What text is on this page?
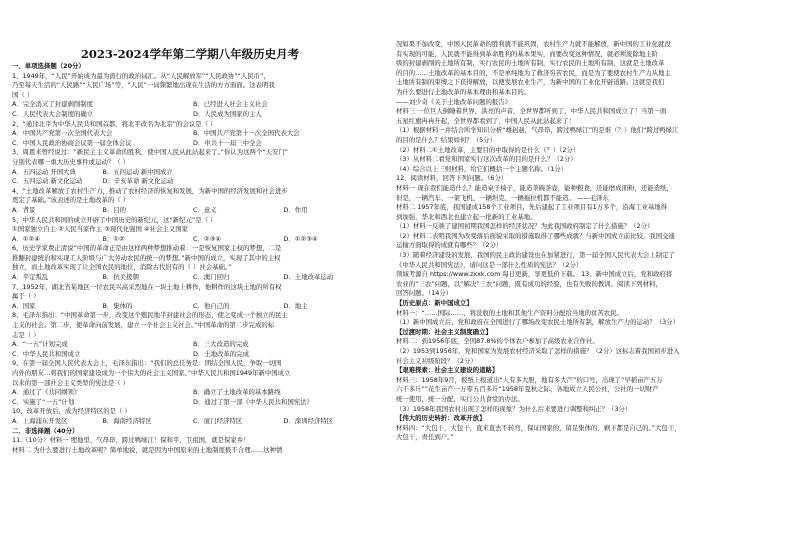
2023-2024学年第二学期八年级历史月考
一、单项选择题（20分）
1、1949年，“人民”开始成为最为流行的政治词汇。从“人民解放军”“人民政协”“人民币”，
乃至每天生活的“人民路”“人民广场”等，“人民”一词频繁地出现在生活的方方面面。这表明我
国（ ）
A．完全消灭了封建剥削制度	B．已经进入社会主义社会
C．人民代表大会制度的确立	D．人民成为国家的主人
2、“通过北平为中华人民共和国首都，将北平改名为北京”的会议是（ ）
A．中国共产党第一次全国代表大会	B．中国共产党第十一次全国代表大会
C．中国人民政治协商会议第一届全体会议	D．中共十一届三中全会
3、周恩来曾经说过：“新民主主义革命的胜利，使中国人民从此站起来了。”你认为这两个“天安门”
分别代表哪一重大历史事件或运动？（ ）
A．五四运动 开国大典	B．五四运动 新中国成立
C．五四运动 新文化运动	D．辛亥革命 新文化运动
4、“土地改革解放了农村生产力，推动了农村经济的恢复和发展，为新中国的经济发展和社会进步
奠定了基础。”该表述的是土地改革的（ ）
A．背景	B．目的	C．意义	D．作用
5、中华人民共和国的成立开辟了中国历史的新纪元，这“新纪元”是（ ）
①国家独立自主 ②人民当家作主 ③现代化强国 ④社会主义国家
A．①②④	B．①②	C．②③④	D．①②③④
6、历史学家费正清说“中国的革命正是由这样两种梦想推动着：一是恢复国家主权的梦想，二是
推翻封建统治和实现工人阶级与广大劳动农民的统一的梦想。”新中国的成立，实现了其中的主权
独立，而土地改革实现了让全国农民的地位，消除古代旧有的（ ）社会基础。”
A．平定叛乱	B．抗美援朝	C．澳门回归	D．土地改革运动
7、1952年，湖北省某地区一位农民兴高采烈地在一块土地上耕作，他耕作的这块土地的所有权
属于（ ）
A．国家	B．集体的	C．他自己的	D．地主
8、毛泽东指出：“中国革命第一步，改变这个殖民地半封建社会的形态，使之变成一个独立的民主
主义的社会。第二步，使革命向前发展，建立一个社会主义社会。”中国革命的第二步完成的标
志是（ ）
A．“一五”计划完成	B．三大改造的完成
C．中华人民共和国成立	D．土地改革的完成
9、在第一届全国人民代表大会上，毛泽东指出：“我们的总任务是：团结全国人民，争取一切国
内外的朋友…将我们的国家建设成为一个伟大的社会主义国家。”中华人民共和国1949年新中国成立
以来的第一部社会主义类型的宪法是（ ）
A．通过了《共同纲领》	B．确立了土地改革的基本路线
C．实施了“一五”计划	D．通过了第一部《中华人民共和国宪法》
10、改革开放后，成为经济特区的是（ ）
A．上海浦东开发区	B．海南经济特区	C．厦门经济特区	D．深圳经济特区
二、非选择题（40分）
11.（10分）材料一 埋地里，气昂昂，跨过鸭绿江！保和平，卫祖国，就是保家乡！
材料二 为什么要进行土地改革呢？简单地说，就是因为中国原来的土地制度极不合理……这种情
况如果不加改变，中国人民革命的胜利就不能巩固，农村生产力就不能解放，新中国的工业化就没
有实现的可能，人民就不能得到革命胜利的基本果实，而要改变这种情况，就必须废除地主阶
级的封建剥削的土地所有制，实行农民的土地所有制，实行农民的土地所有制，这就是土地改革
的目的……土地改革的基本目的，不是单纯地为了救济穷苦农民，而是为了要使农村生产力从地主
土地所有制的束缚之下获得解放，以便发展农业生产，为新中国的工业化开辟道路。这就是我们
为什么要进行土地改革的基本理由和基本目的。
——刘少奇《关于土地改革问题的报告》
材料三 一位巨人倒睡着世界，洪亮的声音，全世界都听到了，中华人民共和国成立了！当第一面
五星红旗冉冉升起，全世界都看到了，中国人民从此站起来了！
（1）根据材料一并结合所学知识分析“雄赳赳，气昂昂，跨过鸭绿江”的是谁（？）他们“跨过鸭绿江
的目的是什么？结果如何？（5分）
（2）材料二①土地改革，主要目的中取得的是什么（？）（2分）
（3）从材料二看党和国家实行这次改革的目的是什么？（2分）
（4）综合以上三则材料，给它们概括一个主题名称。（1分）
12、阅读材料，回答下列问题。（6分）
材料一 现在我们能造什么？能造桌子椅子，能造茶碗茶壶，能种粮食，还能磨成面粉，还能造纸，
但是，一辆汽车、一架飞机、一辆坦克、一辆拖拉机都不能造。 ——毛泽东
材料二 1957年底，我国建成158个工业项目，先后建起了工业项目有1万多个，沿海工业基地得
到加强，华北和西北也建立起一批新的工业基地。
（1）材料一反映了建国初期我国怎样的经济状况？为此我国政府制定了什么措施？（2分）
（2）材料二表明我国为改变落后面貌采取的措施取得了哪些成就？与新中国成立前比较，我国交通
运输方面取得的成就有哪些？（2分）
（3）随着经济建设的发展，我国的民主政治建设也在加紧进行，第一届全国人民代表大会上制定了
《中华人民共和国宪法》，请问这是一部什么性质的宪法？（2分）
领域考源自 https://www.zxxk.com 每日更新，享更低价下载。 13、新中国成立后，党和政府将
农业的“三农”问题，以“解决”三农“问题，既有成功的经验，也有失败的教训。阅读下列材料，
回答问题。（14分）
【历史原点：新中国成立】
材料一：“……国际……，将没收的土地和其他生产资料分配给当地的贫苦农民。
（1）新中国成立后，党和政府在全国进行了哪场改变农民土地所有制，解放生产力的运动？（3分）
【过渡时期：社会主义制度确立】
材料二：到1956年底，全国87.8%的个体农户参加了高级农业合作社。
（2）1953到1956年，党和国家为发展农村经济采取了怎样的措施？（2分）这标志着我国初步进入
社会主义初级阶段？（2分）
【艰难探索：社会主义建设的道路】
材料三：1958年9月，报纸上报道出“人有多大胆，地有多大产”的口号，出现了“早稻亩产五万
六千多斤”“花生亩产一万零五百多斤”1958年夏秋之际，各地成立人民公社，公社的一切财产
统一使用，统一分配，实行公共食堂的办法。
（3）1958年我国农村出现了怎样的现象？为什么后来要进行调整和纠正？（3分）
【伟大的历史转折：改革开放】
材料四：“大包干，大包干，直来直去不转弯，保证国家的，留足集体的，剩下都是自己的。”大包干，
大包干，责任到户。”
